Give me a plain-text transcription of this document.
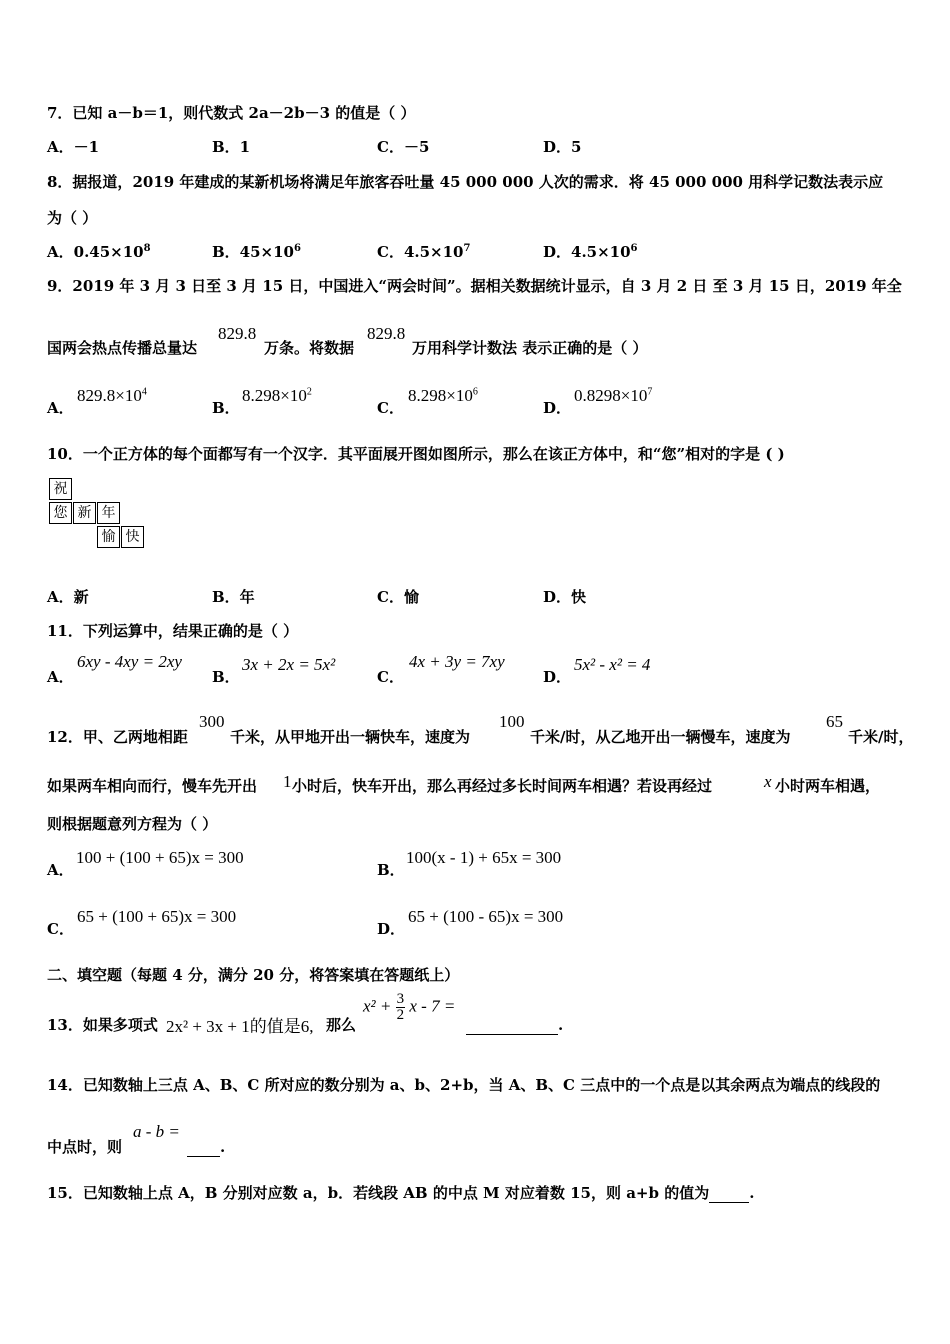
7．已知 a－b＝1，则代数式 2a－2b－3 的值是（ ）
A．－1	B．1	C．－5	D．5
8．据报道，2019 年建成的某新机场将满足年旅客吞吐量 45 000 000 人次的需求．将 45 000 000 用科学记数法表示应
为（ ）
A．$0.45\times 10^8$	B．$45\times 10^6$	C．$4.5\times 10^7$	D．$4.5\times 10^6$
9．2019 年 3 月 3 日至 3 月 15 日，中国进入“两会时间”。据相关数据统计显示，自 3 月 2 日 至 3 月 15 日，2019 年全
国两会热点传播总量达
829.8
万条。将数据
829.8
万用科学计数法 表示正确的是（ ）
A．
$829.8\times 10^4$
B．
$8.298\times 10^2$
C．
$8.298\times 10^6$
D．
$0.8298\times 10^7$
10．一个正方体的每个面都写有一个汉字．其平面展开图如图所示，那么在该正方体中，和“您”相对的字是 ( )
祝
您 新 年
愉 快
A．新	B．年	C．愉	D．快
11．下列运算中，结果正确的是（ ）
A．
6xy - 4xy = 2xy
B．
3x + 2x = 5x²
C．
4x + 3y = 7xy
D．
5x² - x² = 4
12．甲、乙两地相距
300
千米，从甲地开出一辆快车，速度为
100
千米/时，从乙地开出一辆慢车，速度为
65
千米/时，
如果两车相向而行，慢车先开出 1 小时后，快车开出，那么再经过多长时间两车相遇？若设再经过	x 小时两车相遇，
则根据题意列方程为（ ）
A．
100 + (100 + 65)x = 300
B．
100(x - 1) + 65x = 300
C．
65 + (100 + 65)x = 300
D．
65 + (100 - 65)x = 300
二、填空题（每题 4 分，满分 20 分，将答案填在答题纸上）
13．如果多项式 2x² + 3x + 1的值是6, 那么
$x^2 + \frac{3}{2}$ x - 7 =
.
14．已知数轴上三点 A、B、C 所对应的数分别为 a、b、2+b，当 A、B、C 三点中的一个点是以其余两点为端点的线段的
中点时，则
a - b =
.
15．已知数轴上点 A，B 分别对应数 a，b．若线段 AB 的中点 M 对应着数 15，则 a+b 的值为	.
